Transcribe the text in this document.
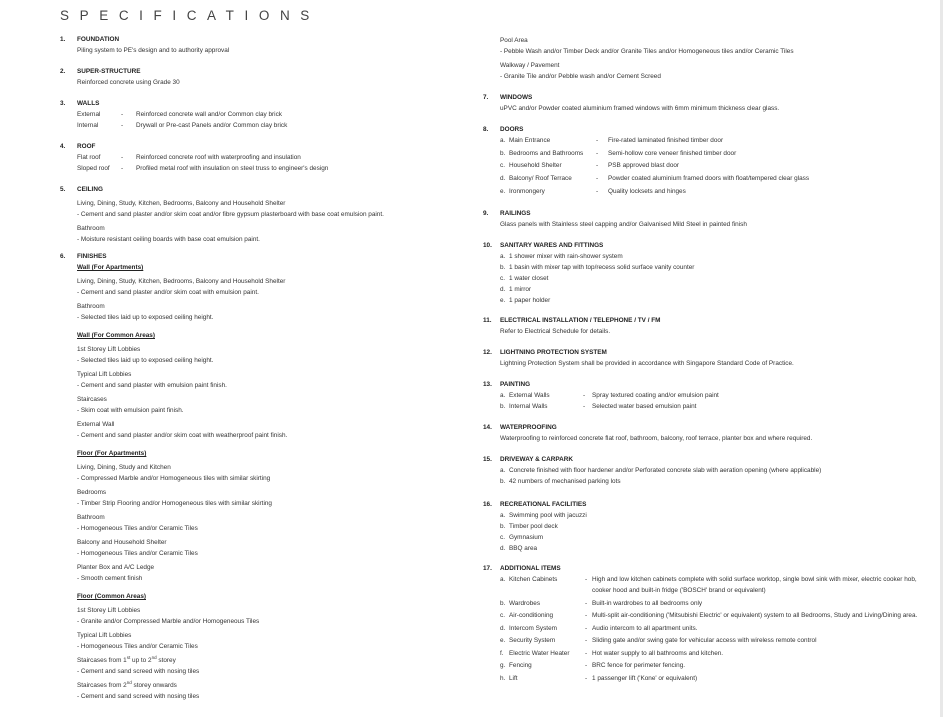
SPECIFICATIONS
1. FOUNDATION
Piling system to PE's design and to authority approval
2. SUPER-STRUCTURE
Reinforced concrete using Grade 30
3. WALLS
External	-	Reinforced concrete wall and/or Common clay brick
Internal	-	Drywall or Pre-cast Panels and/or Common clay brick
4. ROOF
Flat roof	-	Reinforced concrete roof with waterproofing and insulation
Sloped roof	-	Profiled metal roof with insulation on steel truss to engineer's design
5. CEILING
Living, Dining, Study, Kitchen, Bedrooms, Balcony and Household Shelter
- Cement and sand plaster and/or skim coat and/or fibre gypsum plasterboard with base coat emulsion paint.
Bathroom
- Moisture resistant ceiling boards with base coat emulsion paint.
6. FINISHES
Wall (For Apartments)
Living, Dining, Study, Kitchen, Bedrooms, Balcony and Household Shelter
- Cement and sand plaster and/or skim coat with emulsion paint.
Bathroom
- Selected tiles laid up to exposed ceiling height.
Wall (For Common Areas)
1st Storey Lift Lobbies
- Selected tiles laid up to exposed ceiling height.
Typical Lift Lobbies
- Cement and sand plaster with emulsion paint finish.
Staircases
- Skim coat with emulsion paint finish.
External Wall
- Cement and sand plaster and/or skim coat with weatherproof paint finish.
Floor (For Apartments)
Living, Dining, Study and Kitchen
- Compressed Marble and/or Homogeneous tiles with similar skirting
Bedrooms
- Timber Strip Flooring and/or Homogeneous tiles with similar skirting
Bathroom
- Homogeneous Tiles and/or Ceramic Tiles
Balcony and Household Shelter
- Homogeneous Tiles and/or Ceramic Tiles
Planter Box and A/C Ledge
- Smooth cement finish
Floor (Common Areas)
1st Storey Lift Lobbies
- Granite and/or Compressed Marble and/or Homogeneous Tiles
Typical Lift Lobbies
- Homogeneous Tiles and/or Ceramic Tiles
Staircases from 1st up to 2nd storey
- Cement and sand screed with nosing tiles
Staircases from 2nd storey onwards
- Cement and sand screed with nosing tiles
Pool Area
- Pebble Wash and/or Timber Deck and/or Granite Tiles and/or Homogeneous tiles and/or Ceramic Tiles
Walkway / Pavement
- Granite Tile and/or Pebble wash and/or Cement Screed
7. WINDOWS
uPVC and/or Powder coated aluminium framed windows with 6mm minimum thickness clear glass.
8. DOORS
a. Main Entrance	-	Fire-rated laminated finished timber door
b. Bedrooms and Bathrooms	-	Semi-hollow core veneer finished timber door
c. Household Shelter	-	PSB approved blast door
d. Balcony/ Roof Terrace	-	Powder coated aluminium framed doors with float/tempered clear glass
e. Ironmongery	-	Quality locksets and hinges
9. RAILINGS
Glass panels with Stainless steel capping and/or Galvanised Mild Steel in painted finish
10. SANITARY WARES AND FITTINGS
a. 1 shower mixer with rain-shower system
b. 1 basin with mixer tap with top/recess solid surface vanity counter
c. 1 water closet
d. 1 mirror
e. 1 paper holder
11. ELECTRICAL INSTALLATION / TELEPHONE / TV / FM
Refer to Electrical Schedule for details.
12. LIGHTNING PROTECTION SYSTEM
Lightning Protection System shall be provided in accordance with Singapore Standard Code of Practice.
13. PAINTING
a. External Walls	-	Spray textured coating and/or emulsion paint
b. Internal Walls	-	Selected water based emulsion paint
14. WATERPROOFING
Waterproofing to reinforced concrete flat roof, bathroom, balcony, roof terrace, planter box and where required.
15. DRIVEWAY & CARPARK
a. Concrete finished with floor hardener and/or Perforated concrete slab with aeration opening (where applicable)
b. 42 numbers of mechanised parking lots
16. RECREATIONAL FACILITIES
a. Swimming pool with jacuzzi
b. Timber pool deck
c. Gymnasium
d. BBQ area
17. ADDITIONAL ITEMS
a. Kitchen Cabinets	- High and low kitchen cabinets complete with solid surface worktop, single bowl sink with mixer, electric cooker hob, cooker hood and built-in fridge ('BOSCH' brand or equivalent)
b. Wardrobes	- Built-in wardrobes to all bedrooms only
c. Air-conditioning	- Multi-split air-conditioning ('Mitsubishi Electric' or equivalent) system to all Bedrooms, Study and Living/Dining area.
d. Intercom System	- Audio intercom to all apartment units.
e. Security System	- Sliding gate and/or swing gate for vehicular access with wireless remote control
f. Electric Water Heater	- Hot water supply to all bathrooms and kitchen.
g. Fencing	- BRC fence for perimeter fencing.
h. Lift	- 1 passenger lift ('Kone' or equivalent)
